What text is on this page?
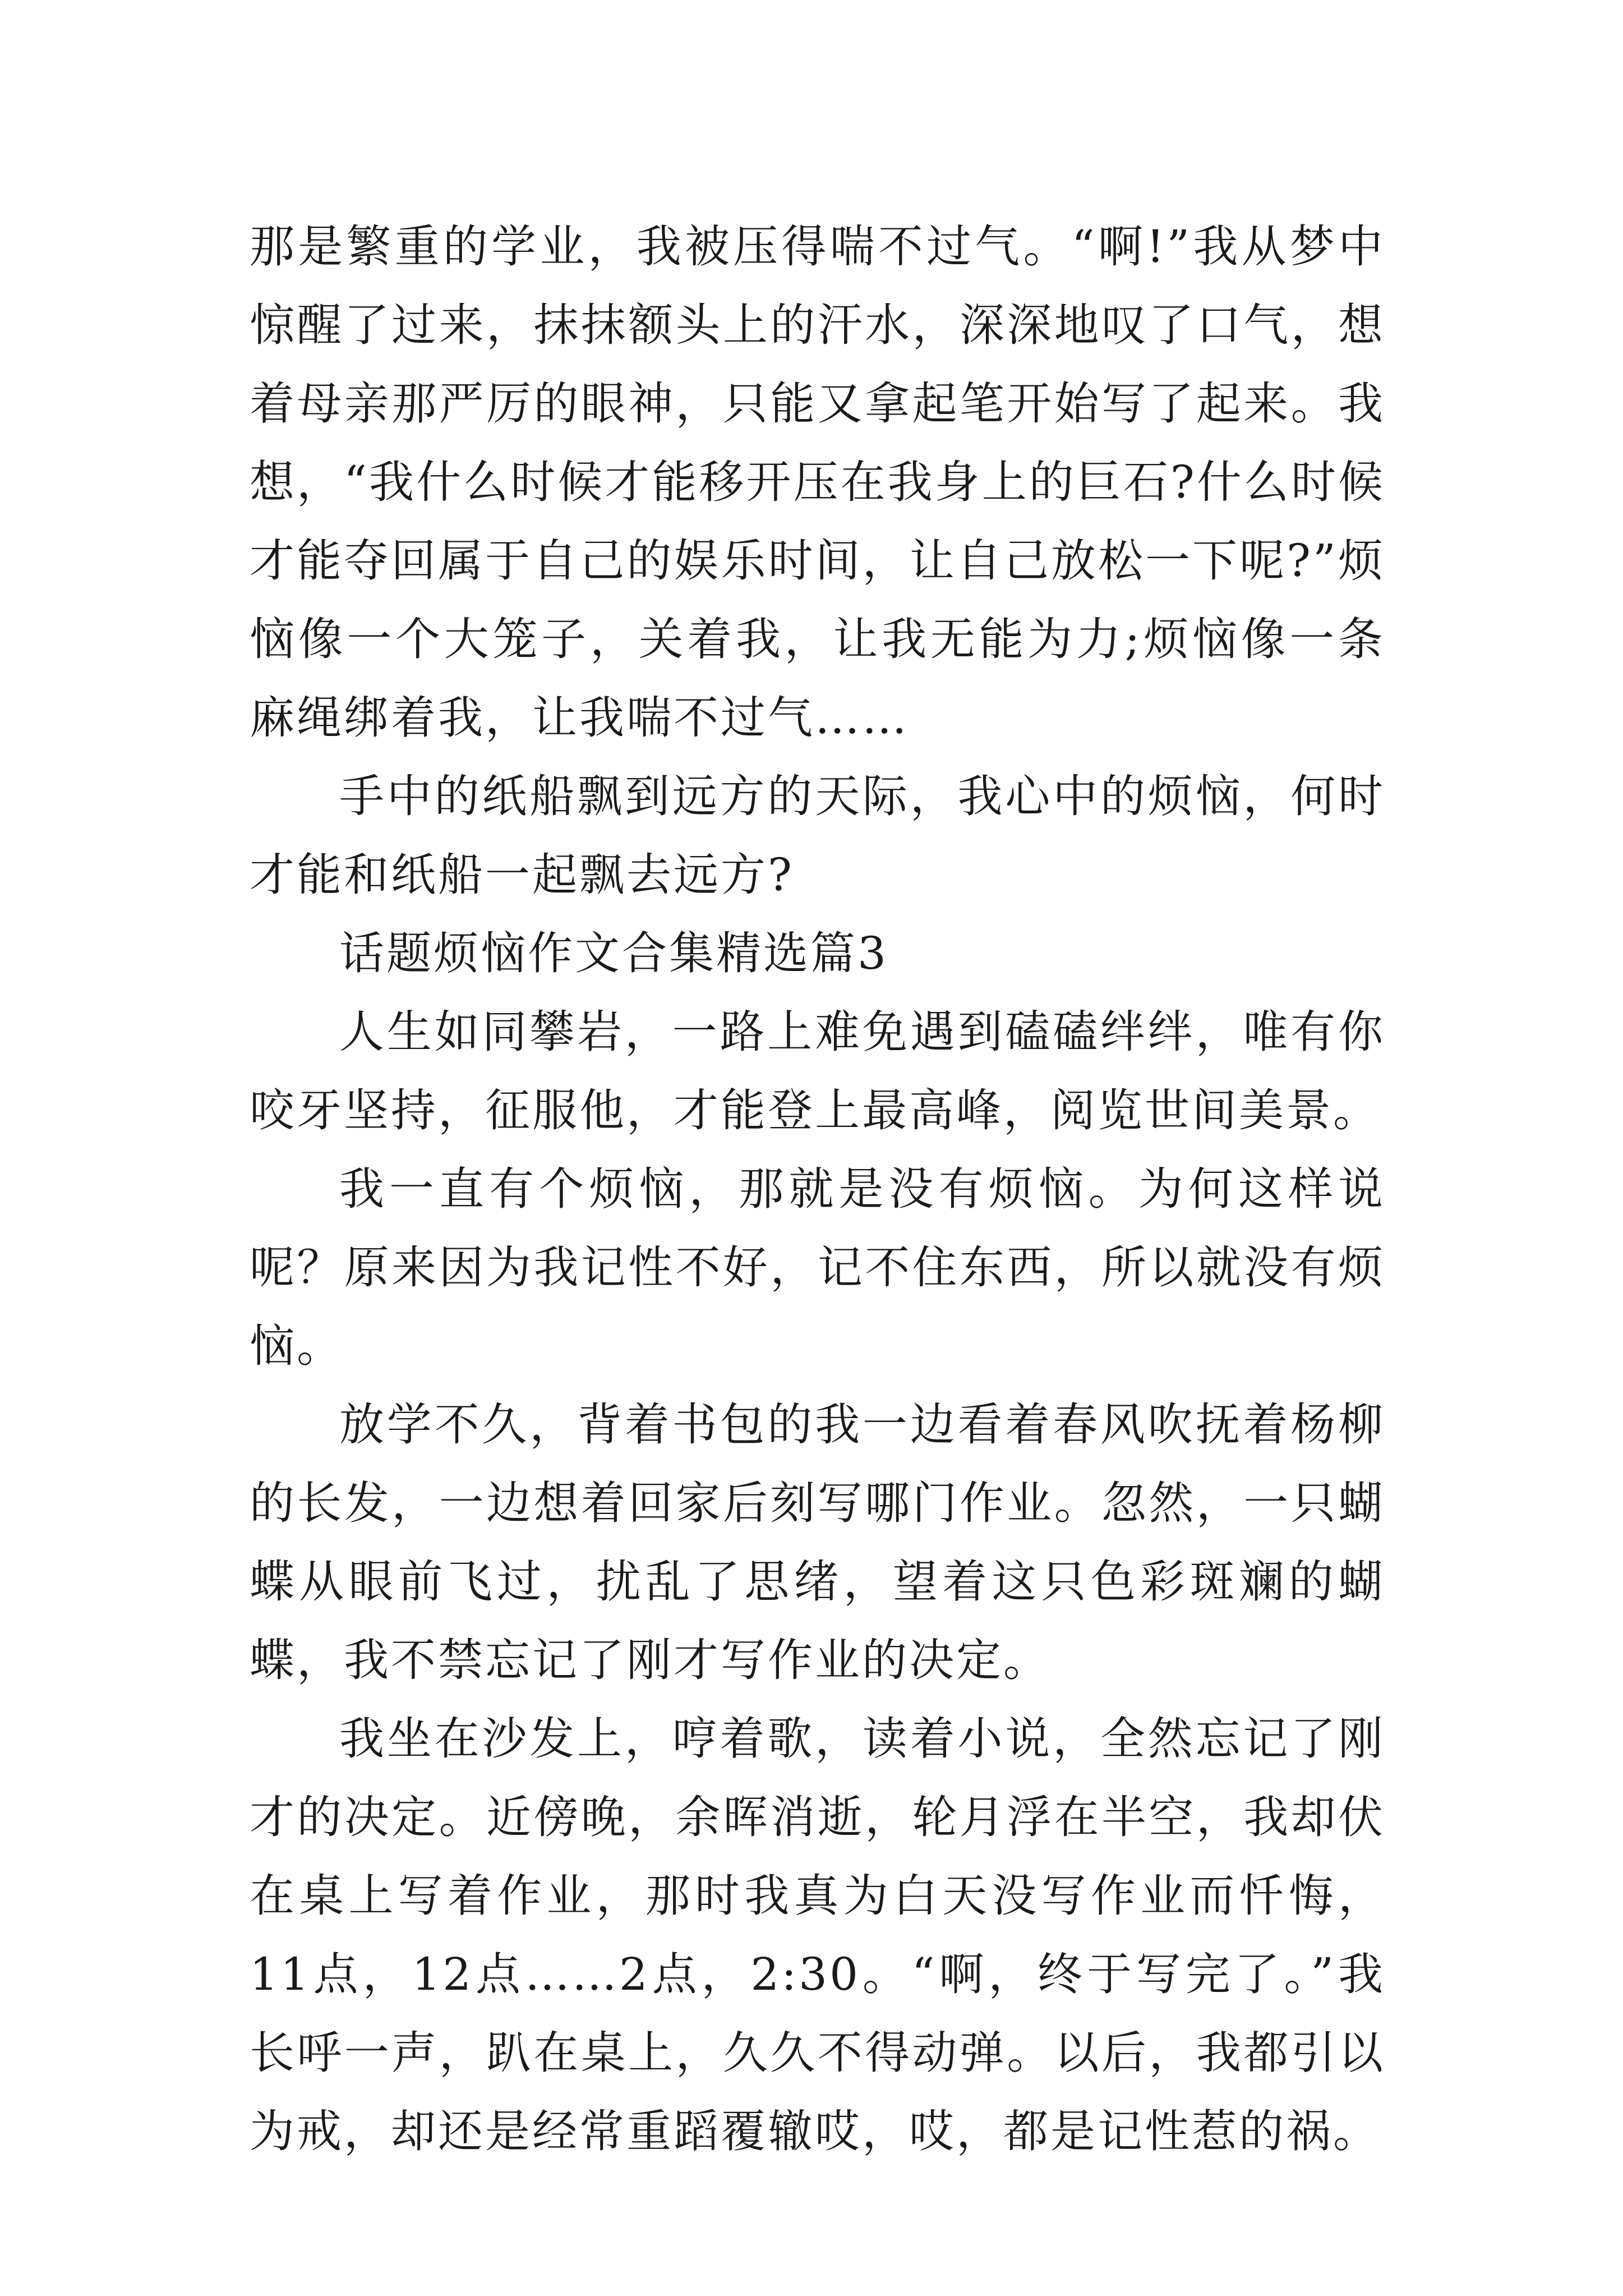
那是繁重的学业，我被压得喘不过气。“啊!”我从梦中惊醒了过来，抹抹额头上的汗水，深深地叹了口气，想着母亲那严厉的眼神，只能又拿起笔开始写了起来。我想，“我什么时候才能移开压在我身上的巨石?什么时候才能夺回属于自己的娱乐时间，让自己放松一下呢?”烦恼像一个大笼子，关着我，让我无能为力;烦恼像一条麻绳绑着我，让我喘不过气……

手中的纸船飘到远方的天际，我心中的烦恼，何时才能和纸船一起飘去远方?

话题烦恼作文合集精选篇3

人生如同攀岩，一路上难免遇到磕磕绊绊，唯有你咬牙坚持，征服他，才能登上最高峰，阅览世间美景。

我一直有个烦恼，那就是没有烦恼。为何这样说呢？原来因为我记性不好，记不住东西，所以就没有烦恼。

放学不久，背着书包的我一边看着春风吹抚着杨柳的长发，一边想着回家后刻写哪门作业。忽然，一只蝴蝶从眼前飞过，扰乱了思绪，望着这只色彩斑斓的蝴蝶，我不禁忘记了刚才写作业的决定。

我坐在沙发上，哼着歌，读着小说，全然忘记了刚才的决定。近傍晚，余晖消逝，轮月浮在半空，我却伏在桌上写着作业，那时我真为白天没写作业而忏悔，11点，12点……2点，2:30。“啊，终于写完了。”我长呼一声，趴在桌上，久久不得动弹。以后，我都引以为戒，却还是经常重蹈覆辙哎，哎，都是记性惹的祸。
